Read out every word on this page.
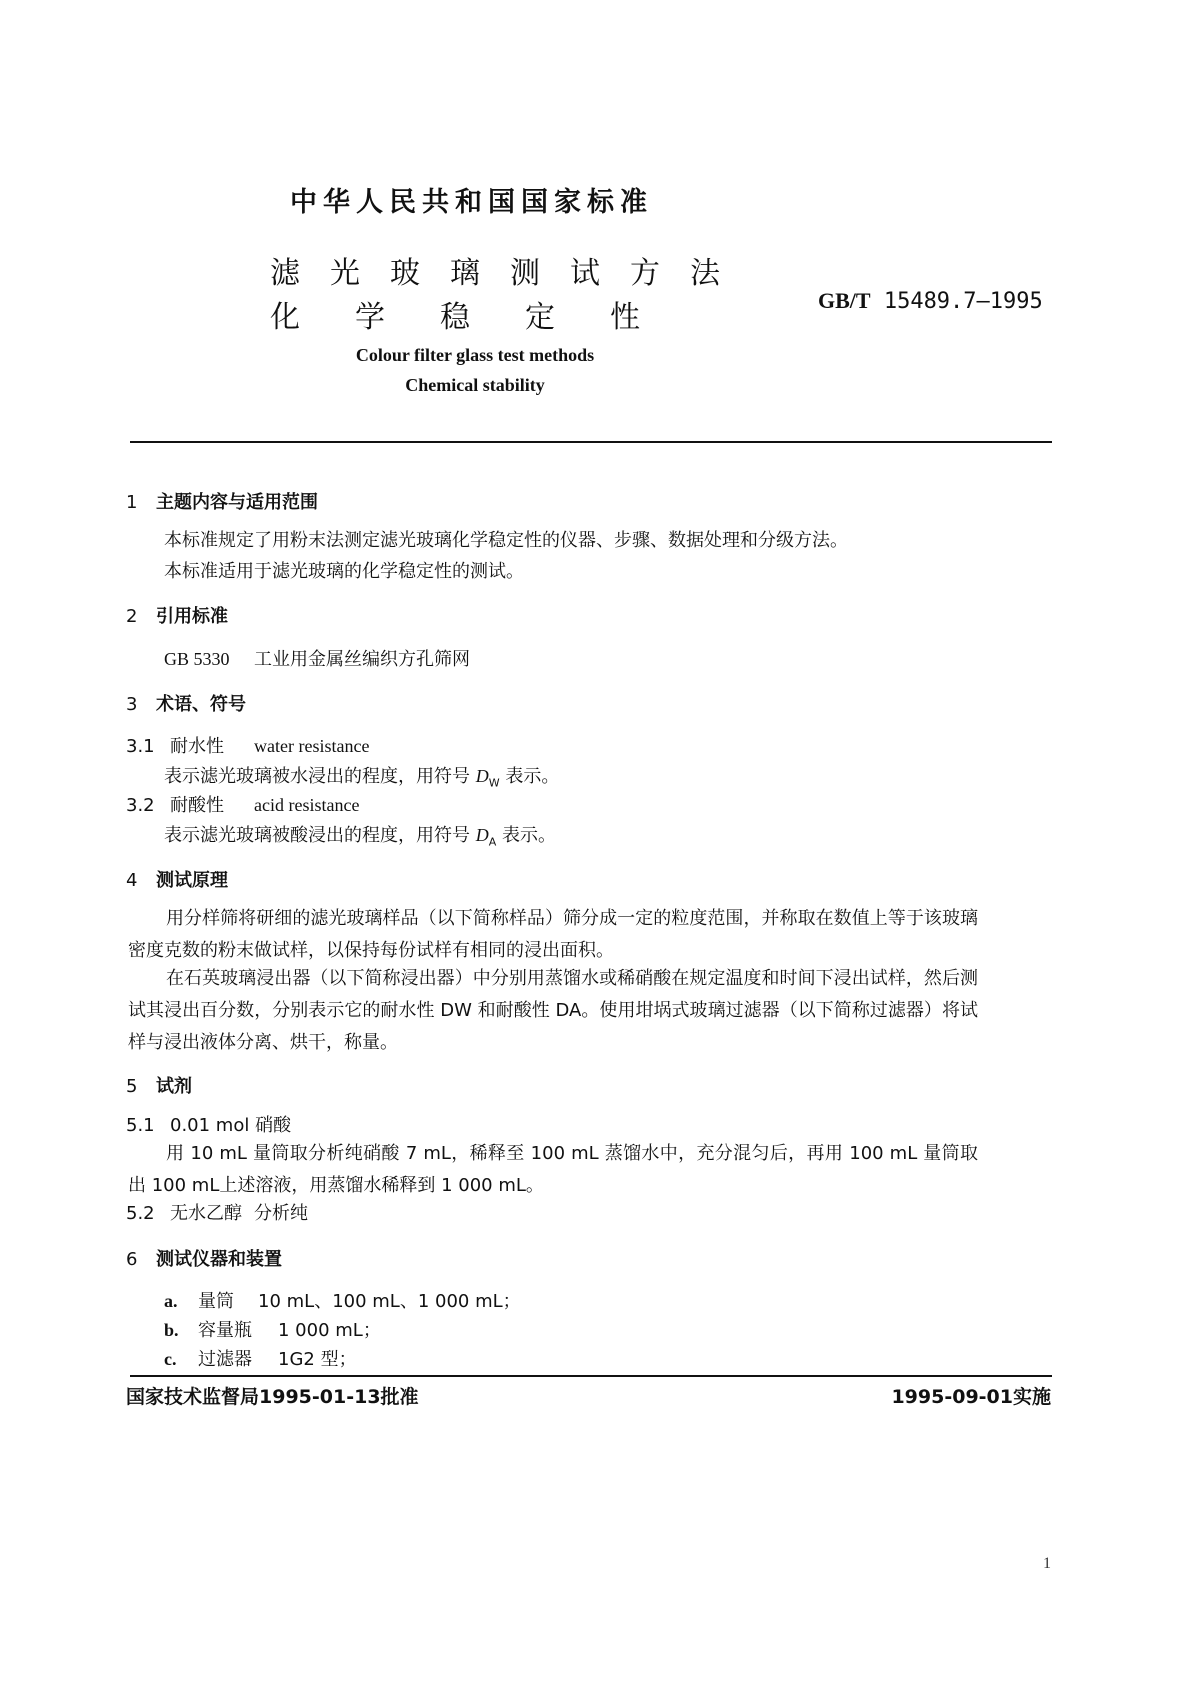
中华人民共和国国家标准
滤光玻璃测试方法
化学稳定性	GB/T 15489.7—1995
Colour filter glass test methods
Chemical stability
1 主题内容与适用范围
本标准规定了用粉末法测定滤光玻璃化学稳定性的仪器、步骤、数据处理和分级方法。
本标准适用于滤光玻璃的化学稳定性的测试。
2 引用标准
GB 5330 工业用金属丝编织方孔筛网
3 术语、符号
3.1 耐水性 water resistance
表示滤光玻璃被水浸出的程度，用符号 $D_W$ 表示。
3.2 耐酸性 acid resistance
表示滤光玻璃被酸浸出的程度，用符号 $D_A$ 表示。
4 测试原理
用分样筛将研细的滤光玻璃样品（以下简称样品）筛分成一定的粒度范围，并称取在数值上等于该玻璃密度克数的粉末做试样，以保持每份试样有相同的浸出面积。
在石英玻璃浸出器（以下简称浸出器）中分别用蒸馏水或稀硝酸在规定温度和时间下浸出试样，然后测试其浸出百分数，分别表示它的耐水性 DW 和耐酸性 DA。使用坩埚式玻璃过滤器（以下简称过滤器）将试样与浸出液体分离、烘干，称量。
5 试剂
5.1 0.01 mol 硝酸
用 10 mL 量筒取分析纯硝酸 7 mL，稀释至 100 mL 蒸馏水中，充分混匀后，再用 100 mL 量筒取出 100 mL上述溶液，用蒸馏水稀释到 1 000 mL。
5.2 无水乙醇 分析纯
6 测试仪器和装置
a. 量筒 10 mL、100 mL、1 000 mL；
b. 容量瓶 1 000 mL；
c. 过滤器 1G2 型；
国家技术监督局1995-01-13批准	1995-09-01实施
1
